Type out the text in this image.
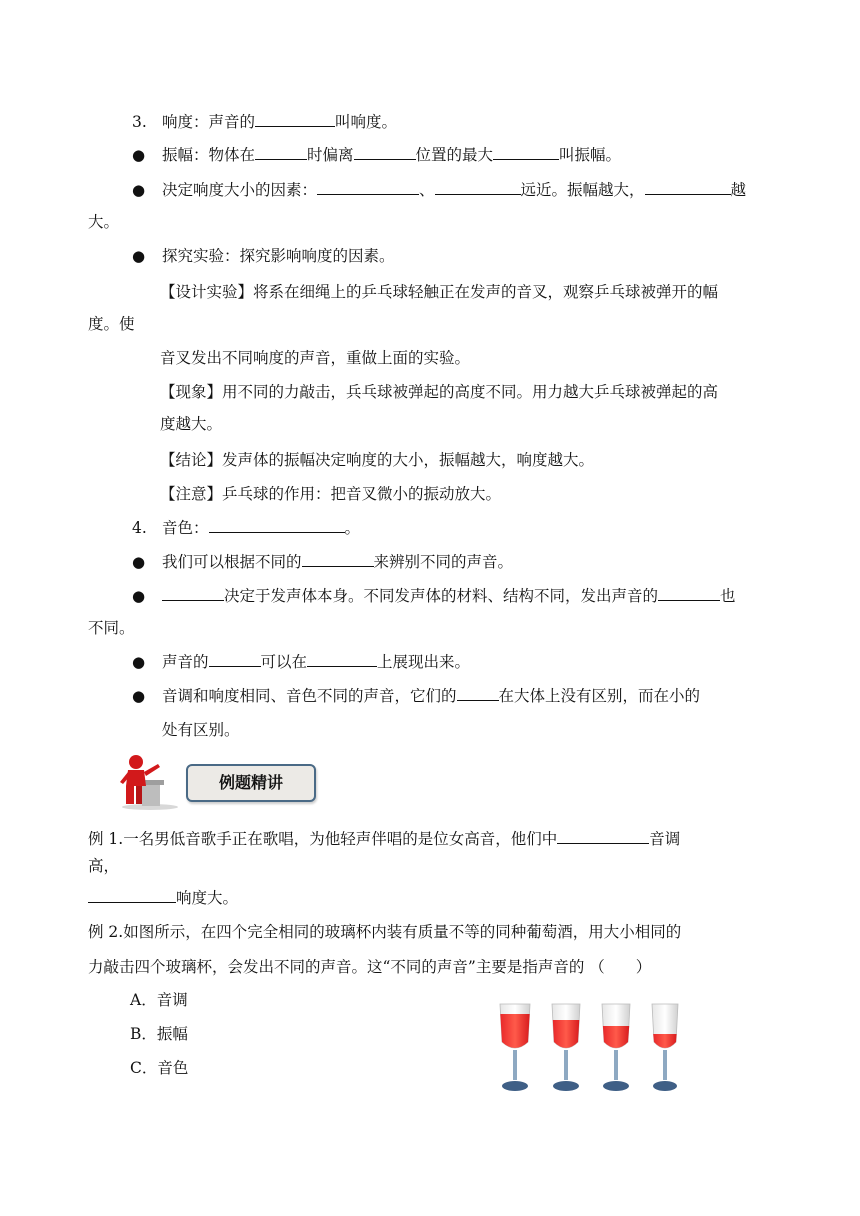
3. 响度：声音的	叫响度。
● 振幅：物体在	时偏离	位置的最大	叫振幅。
● 决定响度大小的因素：	、	远近。振幅越大，	越
大。
● 探究实验：探究影响响度的因素。
【设计实验】将系在细绳上的乒乓球轻触正在发声的音叉，观察乒乓球被弹开的幅
度。使
音叉发出不同响度的声音，重做上面的实验。
【现象】用不同的力敲击，兵乓球被弹起的高度不同。用力越大乒乓球被弹起的高
度越大。
【结论】发声体的振幅决定响度的大小，振幅越大，响度越大。
【注意】乒乓球的作用：把音叉微小的振动放大。
4. 音色：	。
● 我们可以根据不同的	来辨别不同的声音。
●	决定于发声体本身。不同发声体的材料、结构不同，发出声音的	也
不同。
● 声音的	可以在	上展现出来。
● 音调和响度相同、音色不同的声音，它们的	在大体上没有区别，而在小的
处有区别。
例题精讲
例 1.一名男低音歌手正在歌唱，为他轻声伴唱的是位女高音，他们中	音调
高，
响度大。
例 2.如图所示，在四个完全相同的玻璃杯内装有质量不等的同种葡萄酒，用大小相同的
力敲击四个玻璃杯，会发出不同的声音。这“不同的声音”主要是指声音的 （　　）
A．音调
B．振幅
C．音色
